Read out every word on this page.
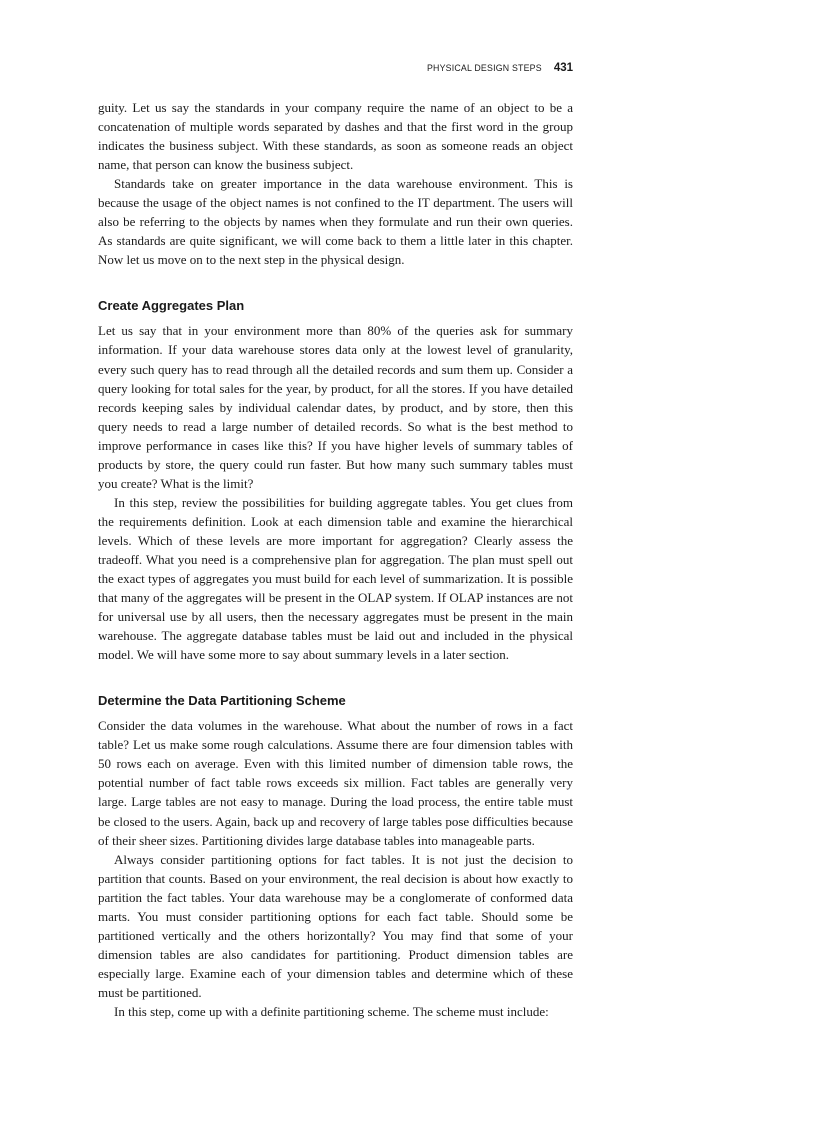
PHYSICAL DESIGN STEPS 431

guity. Let us say the standards in your company require the name of an object to be a concatenation of multiple words separated by dashes and that the first word in the group indicates the business subject. With these standards, as soon as someone reads an object name, that person can know the business subject.

Standards take on greater importance in the data warehouse environment. This is because the usage of the object names is not confined to the IT department. The users will also be referring to the objects by names when they formulate and run their own queries. As standards are quite significant, we will come back to them a little later in this chapter. Now let us move on to the next step in the physical design.

Create Aggregates Plan

Let us say that in your environment more than 80% of the queries ask for summary information. If your data warehouse stores data only at the lowest level of granularity, every such query has to read through all the detailed records and sum them up. Consider a query looking for total sales for the year, by product, for all the stores. If you have detailed records keeping sales by individual calendar dates, by product, and by store, then this query needs to read a large number of detailed records. So what is the best method to improve performance in cases like this? If you have higher levels of summary tables of products by store, the query could run faster. But how many such summary tables must you create? What is the limit?

In this step, review the possibilities for building aggregate tables. You get clues from the requirements definition. Look at each dimension table and examine the hierarchical levels. Which of these levels are more important for aggregation? Clearly assess the tradeoff. What you need is a comprehensive plan for aggregation. The plan must spell out the exact types of aggregates you must build for each level of summarization. It is possible that many of the aggregates will be present in the OLAP system. If OLAP instances are not for universal use by all users, then the necessary aggregates must be present in the main warehouse. The aggregate database tables must be laid out and included in the physical model. We will have some more to say about summary levels in a later section.

Determine the Data Partitioning Scheme

Consider the data volumes in the warehouse. What about the number of rows in a fact table? Let us make some rough calculations. Assume there are four dimension tables with 50 rows each on average. Even with this limited number of dimension table rows, the potential number of fact table rows exceeds six million. Fact tables are generally very large. Large tables are not easy to manage. During the load process, the entire table must be closed to the users. Again, back up and recovery of large tables pose difficulties because of their sheer sizes. Partitioning divides large database tables into manageable parts.

Always consider partitioning options for fact tables. It is not just the decision to partition that counts. Based on your environment, the real decision is about how exactly to partition the fact tables. Your data warehouse may be a conglomerate of conformed data marts. You must consider partitioning options for each fact table. Should some be partitioned vertically and the others horizontally? You may find that some of your dimension tables are also candidates for partitioning. Product dimension tables are especially large. Examine each of your dimension tables and determine which of these must be partitioned.

In this step, come up with a definite partitioning scheme. The scheme must include:
